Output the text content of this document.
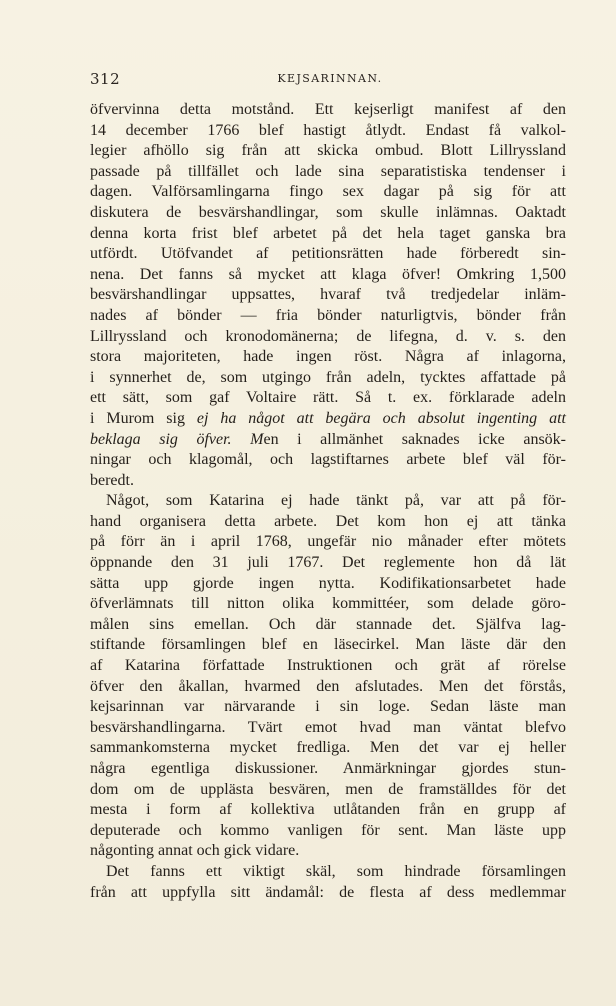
312	KEJSARINNAN.
öfvervinna detta motstånd. Ett kejserligt manifest af den
14 december 1766 blef hastigt åtlydt. Endast få valkol-
legier afhöllo sig från att skicka ombud. Blott Lillryssland
passade på tillfället och lade sina separatistiska tendenser i
dagen. Valförsamlingarna fingo sex dagar på sig för att
diskutera de besvärshandlingar, som skulle inlämnas. Oaktadt
denna korta frist blef arbetet på det hela taget ganska bra
utfördt. Utöfvandet af petitionsrätten hade förberedt sin-
nena. Det fanns så mycket att klaga öfver! Omkring 1,500
besvärshandlingar uppsattes, hvaraf två tredjedelar inläm-
nades af bönder — fria bönder naturligtvis, bönder från
Lillryssland och kronodomänerna; de lifegna, d. v. s. den
stora majoriteten, hade ingen röst. Några af inlagorna,
i synnerhet de, som utgingo från adeln, tycktes affattade på
ett sätt, som gaf Voltaire rätt. Så t. ex. förklarade adeln
i Murom sig ej ha något att begära och absolut ingenting att
beklaga sig öfver. Men i allmänhet saknades icke ansök-
ningar och klagomål, och lagstiftarnes arbete blef väl för-
beredt.
Något, som Katarina ej hade tänkt på, var att på för-
hand organisera detta arbete. Det kom hon ej att tänka
på förr än i april 1768, ungefär nio månader efter mötets
öppnande den 31 juli 1767. Det reglemente hon då lät
sätta upp gjorde ingen nytta. Kodifikationsarbetet hade
öfverlämnats till nitton olika kommittéer, som delade göro-
målen sins emellan. Och där stannade det. Själfva lag-
stiftande församlingen blef en läsecirkel. Man läste där den
af Katarina författade Instruktionen och grät af rörelse
öfver den åkallan, hvarmed den afslutades. Men det förstås,
kejsarinnan var närvarande i sin loge. Sedan läste man
besvärshandlingarna. Tvärt emot hvad man väntat blefvo
sammankomsterna mycket fredliga. Men det var ej heller
några egentliga diskussioner. Anmärkningar gjordes stun-
dom om de upplästa besvären, men de framställdes för det
mesta i form af kollektiva utlåtanden från en grupp af
deputerade och kommo vanligen för sent. Man läste upp
någonting annat och gick vidare.
Det fanns ett viktigt skäl, som hindrade församlingen
från att uppfylla sitt ändamål: de flesta af dess medlemmar
